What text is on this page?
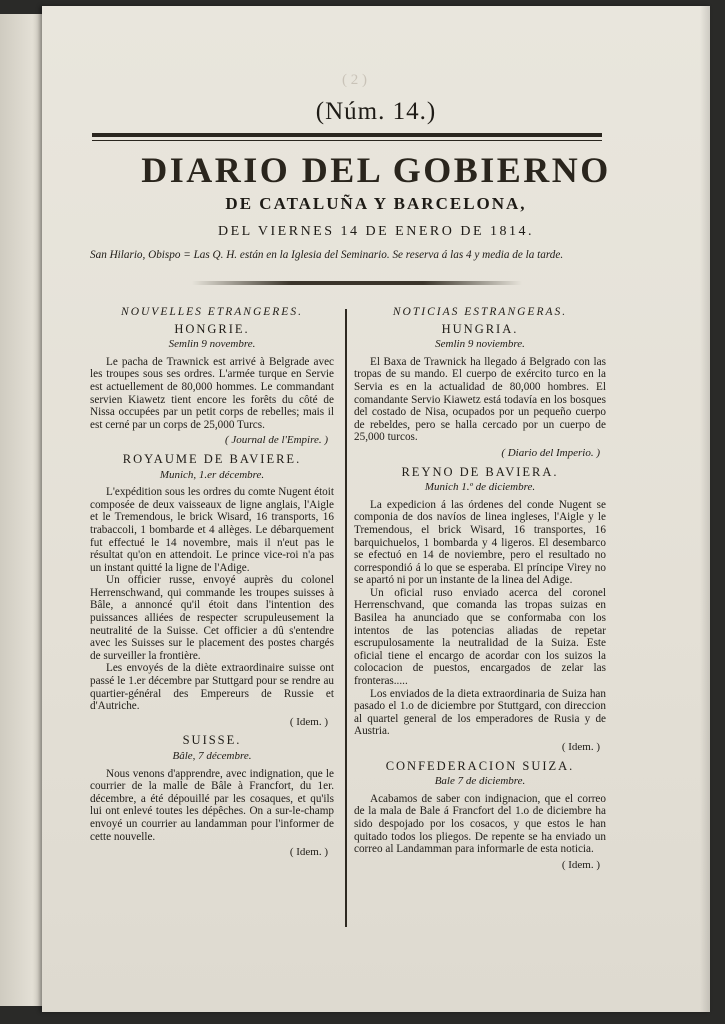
( 2 )
(Núm. 14.)
DIARIO DEL GOBIERNO
DE CATALUÑA Y BARCELONA,
DEL VIERNES 14 DE ENERO DE 1814.
San Hilario, Obispo = Las Q. H. están en la Iglesia del Seminario. Se reserva á las 4 y media de la tarde.
NOUVELLES ETRANGERES.
HONGRIE.
Semlin 9 novembre.

Le pacha de Trawnick est arrivé à Belgrade avec les troupes sous ses ordres. L'armée turque en Servie est actuellement de 80,000 hommes. Le commandant servien Kiawetz tient encore les forêts du côté de Nissa occupées par un petit corps de rebelles; mais il est cerné par un corps de 25,000 Turcs.

( Journal de l'Empire. )
ROYAUME DE BAVIERE.
Munich, 1.er décembre.

L'expédition sous les ordres du comte Nugent étoit composée de deux vaisseaux de ligne anglais, l'Aigle et le Tremendous, le brick Wisard, 16 transports, 16 trabaccoli, 1 bombarde et 4 allèges. Le débarquement fut effectué le 14 novembre, mais il n'eut pas le résultat qu'on en attendoit. Le prince vice-roi n'a pas un instant quitté la ligne de l'Adige.

Un officier russe, envoyé auprès du colonel Herrenschwand, qui commande les troupes suisses à Bâle, a annoncé qu'il étoit dans l'intention des puissances alliées de respecter scrupuleusement la neutralité de la Suisse. Cet officier a dû s'entendre avec les Suisses sur le placement des postes chargés de surveiller la frontière.

Les envoyés de la diète extraordinaire suisse ont passé le 1.er décembre par Stuttgard pour se rendre au quartier-général des Empereurs de Russie et d'Autriche.

( Idem. )
SUISSE.
Bâle, 7 décembre.

Nous venons d'apprendre, avec indignation, que le courrier de la malle de Bâle à Francfort, du 1er. décembre, a été dépouillé par les cosaques, et qu'ils lui ont enlevé toutes les dépêches. On a sur-le-champ envoyé un courrier au landamman pour l'informer de cette nouvelle.

( Idem. )
NOTICIAS ESTRANGERAS.
HUNGRIA.
Semlin 9 noviembre.

El Baxa de Trawnick ha llegado á Belgrado con las tropas de su mando. El cuerpo de exército turco en la Servia es en la actualidad de 80,000 hombres. El comandante Servio Kiawetz está todavía en los bosques del costado de Nisa, ocupados por un pequeño cuerpo de rebeldes, pero se halla cercado por un cuerpo de 25,000 turcos.

( Diario del Imperio. )
REYNO DE BAVIERA.
Munich 1.º de diciembre.

La expedicion á las órdenes del conde Nugent se componia de dos navíos de linea ingleses, l'Aigle y le Tremendous, el brick Wisard, 16 transportes, 16 barquichuelos, 1 bombarda y 4 ligeros. El desembarco se efectuó en 14 de noviembre, pero el resultado no correspondió á lo que se esperaba. El príncipe Virey no se apartó ni por un instante de la linea del Adige.

Un oficial ruso enviado acerca del coronel Herrenschvand, que comanda las tropas suizas en Basilea ha anunciado que se conformaba con los intentos de las potencias aliadas de repetar escrupulosamente la neutralidad de la Suiza. Este oficial tiene el encargo de acordar con los suizos la colocacion de puestos, encargados de zelar las fronteras.....

Los enviados de la dieta extraordinaria de Suiza han pasado el 1.o de diciembre por Stuttgard, con direccion al quartel general de los emperadores de Rusia y de Austria.

( Idem. )
CONFEDERACION SUIZA.
Bale 7 de diciembre.

Acabamos de saber con indignacion, que el correo de la mala de Bale á Francfort del 1.o de diciembre ha sido despojado por los cosacos, y que estos le han quitado todos los pliegos. De repente se ha enviado un correo al Landamman para informarle de esta noticia.

( Idem. )
